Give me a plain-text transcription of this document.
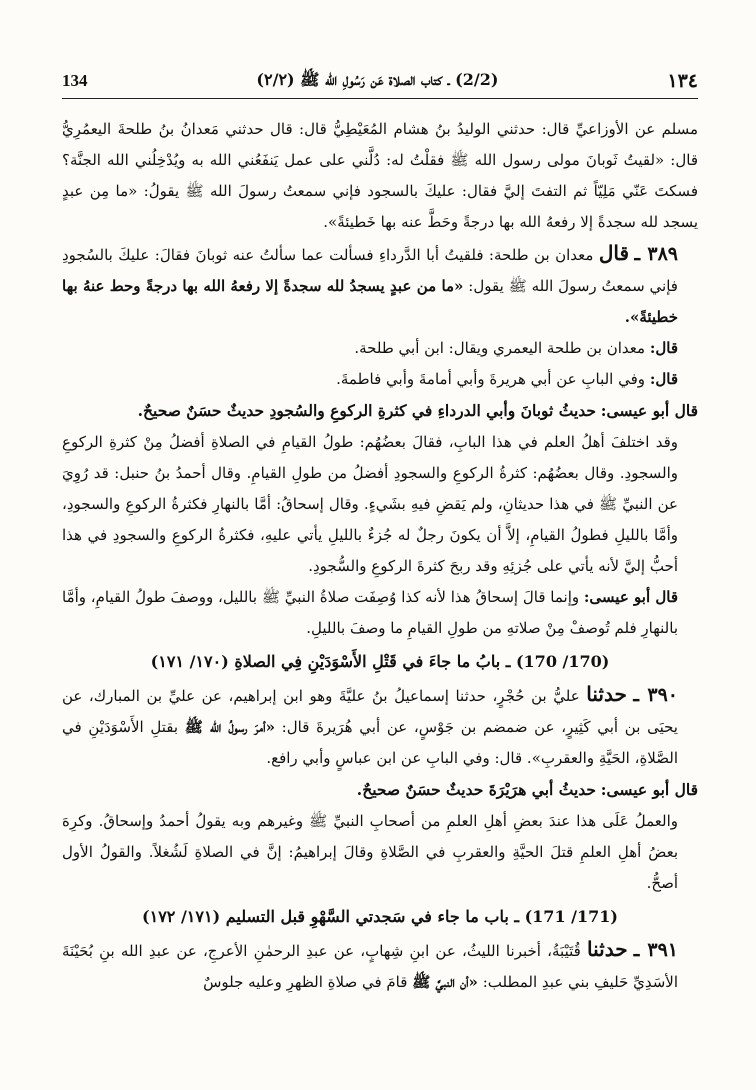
134	(2/2) ـ كتاب الصلاة عَن رَسُولِ الله ﷺ (٢/٢)	١٣٤

مسلم عن الأوزاعيِّ قال: حدثني الوليدُ بنُ هشام المُعَيْطِيُّ قال: قال حدثني مَعدانُ بنُ طلحةَ اليعمُرِيُّ قال: «لقيتُ ثَوبانَ مولى رسول الله ﷺ فقلْتُ له: دُلَّني على عمل يَنفَعُني الله به ويُدْخِلُني الله الجنَّة؟ فسكتَ عَنّي مَلِيّاً ثم التفتَ إليَّ فقال: عليكَ بالسجود فإني سمعتُ رسولَ الله ﷺ يقولُ: «ما مِن عبدٍ يسجد لله سجدةً إلا رفعهُ الله بها درجةً وحَطَّ عنه بها خَطيئةً».

٣٨٩ ـ قال معدان بن طلحة: فلقيتُ أبا الدَّرداءِ فسألت عما سألتُ عنه ثوبانَ فقالَ: عليكَ بالسُجودِ فإني سمعتُ رسولَ الله ﷺ يقول: «ما من عبدٍ يسجدُ لله سجدةً إلا رفعهُ الله بها درجةً وحط عنهُ بها خطيئةً».

قال: معدان بن طلحة اليعمري ويقال: ابن أبي طلحة.

قال: وفي البابِ عن أبي هريرةَ وأبي أمامةَ وأبي فاطمةَ.

قال أبو عيسى: حديثُ ثوبانَ وأبي الدرداءِ في كثرةِ الركوعِ والسُجودِ حديثٌ حسَنٌ صحيحٌ.

وقد اختلفَ أهلُ العلم في هذا البابِ، فقالَ بعضُهُم: طولُ القيامِ في الصلاةِ أفضلُ مِنْ كثرةِ الركوعِ والسجودِ. وقال بعضُهُم: كثرةُ الركوعِ والسجودِ أفضلُ من طولِ القيامِ. وقال أحمدُ بنُ حنبل: قد رُوِيَ عن النبيِّ ﷺ في هذا حديثانِ، ولم يَقضِ فيهِ بشَيءٍ. وقال إسحاقُ: أمَّا بالنهارِ فكثرةُ الركوعِ والسجودِ، وأمَّا بالليلِ فطولُ القيامِ، إلاَّ أن يكونَ رجلٌ له جُزءٌ بالليلِ يأتي عليهِ، فكثرةُ الركوعِ والسجودِ في هذا أحبُّ إليَّ لأنه يأتي على جُزئِهِ وقد ربحَ كثرةَ الركوعِ والسُّجودِ.

قال أبو عيسى: وإنما قالَ إسحاقُ هذا لأنه كذا وُصِفَت صلاةُ النبيِّ ﷺ بالليل، ووصفَ طولُ القيامِ، وأمَّا بالنهارِ فلم تُوصفْ مِنْ صلاتهِ من طولِ القيامِ ما وصفَ بالليلِ.

(170/ 170) ـ بابُ ما جاءَ في قَتْلِ الأَسْوَدَيْنِ فِي الصلاةِ (١٧٠/ ١٧١)

٣٩٠ ـ حدثنا عليُّ بن حُجْرٍ، حدثنا إسماعيلُ بنُ عليَّةَ وهو ابن إبراهيم، عن عليِّ بن المبارك، عن يحيَى بن أبي كَثِيرٍ، عن ضمضم بن جَوْسٍ، عن أبي هُرَيرةَ قال: «أمرَ رسولُ الله ﷺ بقتلِ الأَسْوَدَيْنِ في الصَّلاةِ، الحَيَّةِ والعقربِ». قال: وفي البابِ عن ابن عباسٍ وأبي رافع.

قال أبو عيسى: حديثُ أبي هرَيْرَةَ حديثٌ حسَنٌ صحيحٌ.

والعملُ عَلَى هذا عندَ بعضِ أهلِ العلمِ من أصحابِ النبيِّ ﷺ وغيرهم وبه يقولُ أحمدُ وإسحاقُ. وكرِهَ بعضُ أهلِ العلمِ قتلَ الحيَّةِ والعقربِ في الصَّلاةِ وقالَ إبراهيمُ: إنَّ في الصلاةِ لَشُغلاً. والقولُ الأول أصحُّ.

(171/ 171) ـ باب ما جاء في سَجدتي السَّهْوِ قبل التسليم (١٧١/ ١٧٢)

٣٩١ ـ حدثنا قُتَيْبَةُ، أخبرنا الليثُ، عن ابنِ شِهابٍ، عن عبدِ الرحمٰنِ الأعرجِ، عن عبدِ الله بنِ بُحَيْنَةَ الأسَدِيِّ حَليفِ بني عبدِ المطلب: «أن النبيَّ ﷺ قامَ في صلاةِ الظهرِ وعليه جلوسٌ
